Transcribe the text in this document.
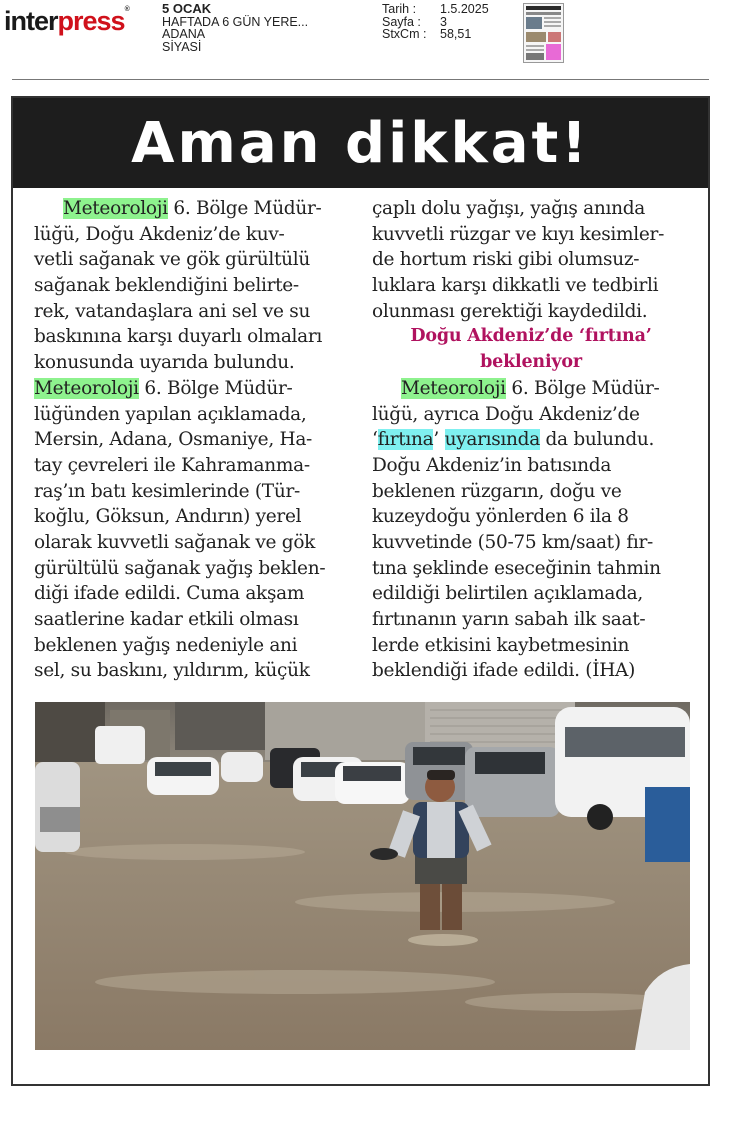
interpress® 5 OCAK
HAFTADA 6 GÜN YERE...
ADANA
SİYASİ
Tarih :	1.5.2025
Sayfa :	3
StxCm :	58,51
Aman dikkat!
Meteoroloji 6. Bölge Müdür-
lüğü, Doğu Akdeniz’de kuv-
vetli sağanak ve gök gürültülü
sağanak beklendiğini belirte-
rek, vatandaşlara ani sel ve su
baskınına karşı duyarlı olmaları
konusunda uyarıda bulundu.
Meteoroloji 6. Bölge Müdür-
lüğünden yapılan açıklamada,
Mersin, Adana, Osmaniye, Ha-
tay çevreleri ile Kahramanma-
raş’ın batı kesimlerinde (Tür-
koğlu, Göksun, Andırın) yerel
olarak kuvvetli sağanak ve gök
gürültülü sağanak yağış beklen-
diği ifade edildi. Cuma akşam
saatlerine kadar etkili olması
beklenen yağış nedeniyle ani
sel, su baskını, yıldırım, küçük
çaplı dolu yağışı, yağış anında
kuvvetli rüzgar ve kıyı kesimler-
de hortum riski gibi olumsuz-
luklara karşı dikkatli ve tedbirli
olunması gerektiği kaydedildi.
Doğu Akdeniz’de ‘fırtına’
bekleniyor
Meteoroloji 6. Bölge Müdür-
lüğü, ayrıca Doğu Akdeniz’de
‘fırtına’ uyarısında da bulundu.
Doğu Akdeniz’in batısında
beklenen rüzgarın, doğu ve
kuzeydoğu yönlerden 6 ila 8
kuvvetinde (50-75 km/saat) fır-
tına şeklinde eseceğinin tahmin
edildiği belirtilen açıklamada,
fırtınanın yarın sabah ilk saat-
lerde etkisini kaybetmesinin
beklendiği ifade edildi. (İHA)
